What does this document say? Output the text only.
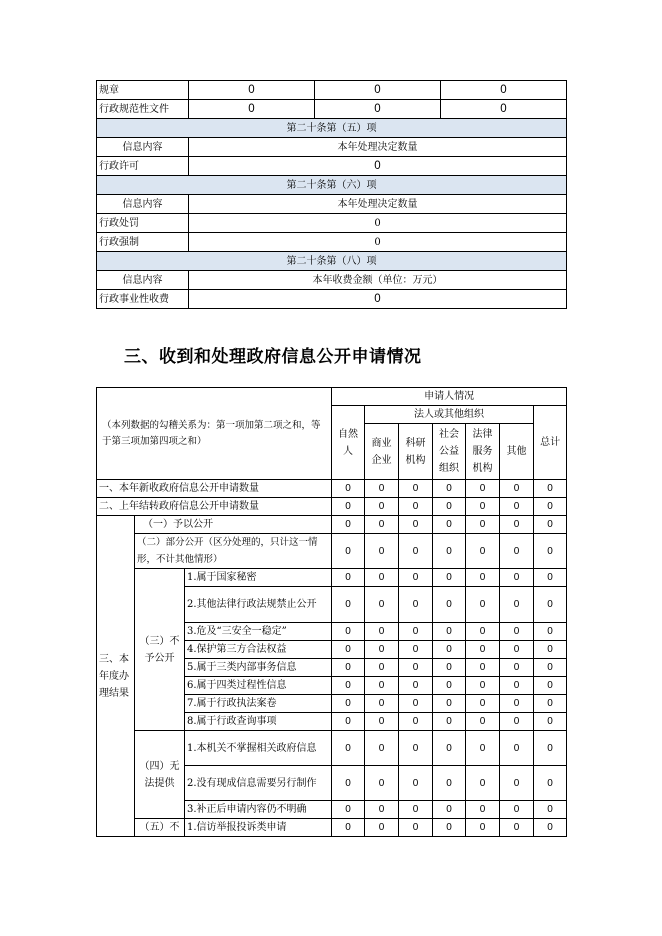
规章	0	0	0
行政规范性文件	0	0	0
第二十条第（五）项			
信息内容	本年处理决定数量		
行政许可	0		
第二十条第（六）项			
信息内容	本年处理决定数量		
行政处罚	0		
行政强制	0		
第二十条第（八）项			
信息内容	本年收费金额（单位：万元）		
行政事业性收费	0		
三、收到和处理政府信息公开申请情况
（本列数据的勾稽关系为：第一项加第二项之和，等于第三项加第四项之和）			申请人情况						
			自然人	法人或其他组织					总计
				商业企业	科研机构	社会公益组织	法律服务机构	其他	
一、本年新收政府信息公开申请数量			0	0	0	0	0	0	0
二、上年结转政府信息公开申请数量			0	0	0	0	0	0	0
三、本年度办理结果	（一）予以公开		0	0	0	0	0	0	0
	（二）部分公开（区分处理的，只计这一情形，不计其他情形）		0	0	0	0	0	0	0
	（三）不予公开	1.属于国家秘密	0	0	0	0	0	0	0
		2.其他法律行政法规禁止公开	0	0	0	0	0	0	0
		3.危及“三安全一稳定”	0	0	0	0	0	0	0
		4.保护第三方合法权益	0	0	0	0	0	0	0
		5.属于三类内部事务信息	0	0	0	0	0	0	0
		6.属于四类过程性信息	0	0	0	0	0	0	0
		7.属于行政执法案卷	0	0	0	0	0	0	0
		8.属于行政查询事项	0	0	0	0	0	0	0
	（四）无法提供	1.本机关不掌握相关政府信息	0	0	0	0	0	0	0
		2.没有现成信息需要另行制作	0	0	0	0	0	0	0
		3.补正后申请内容仍不明确	0	0	0	0	0	0	0
	（五）不	1.信访举报投诉类申请	0	0	0	0	0	0	0
